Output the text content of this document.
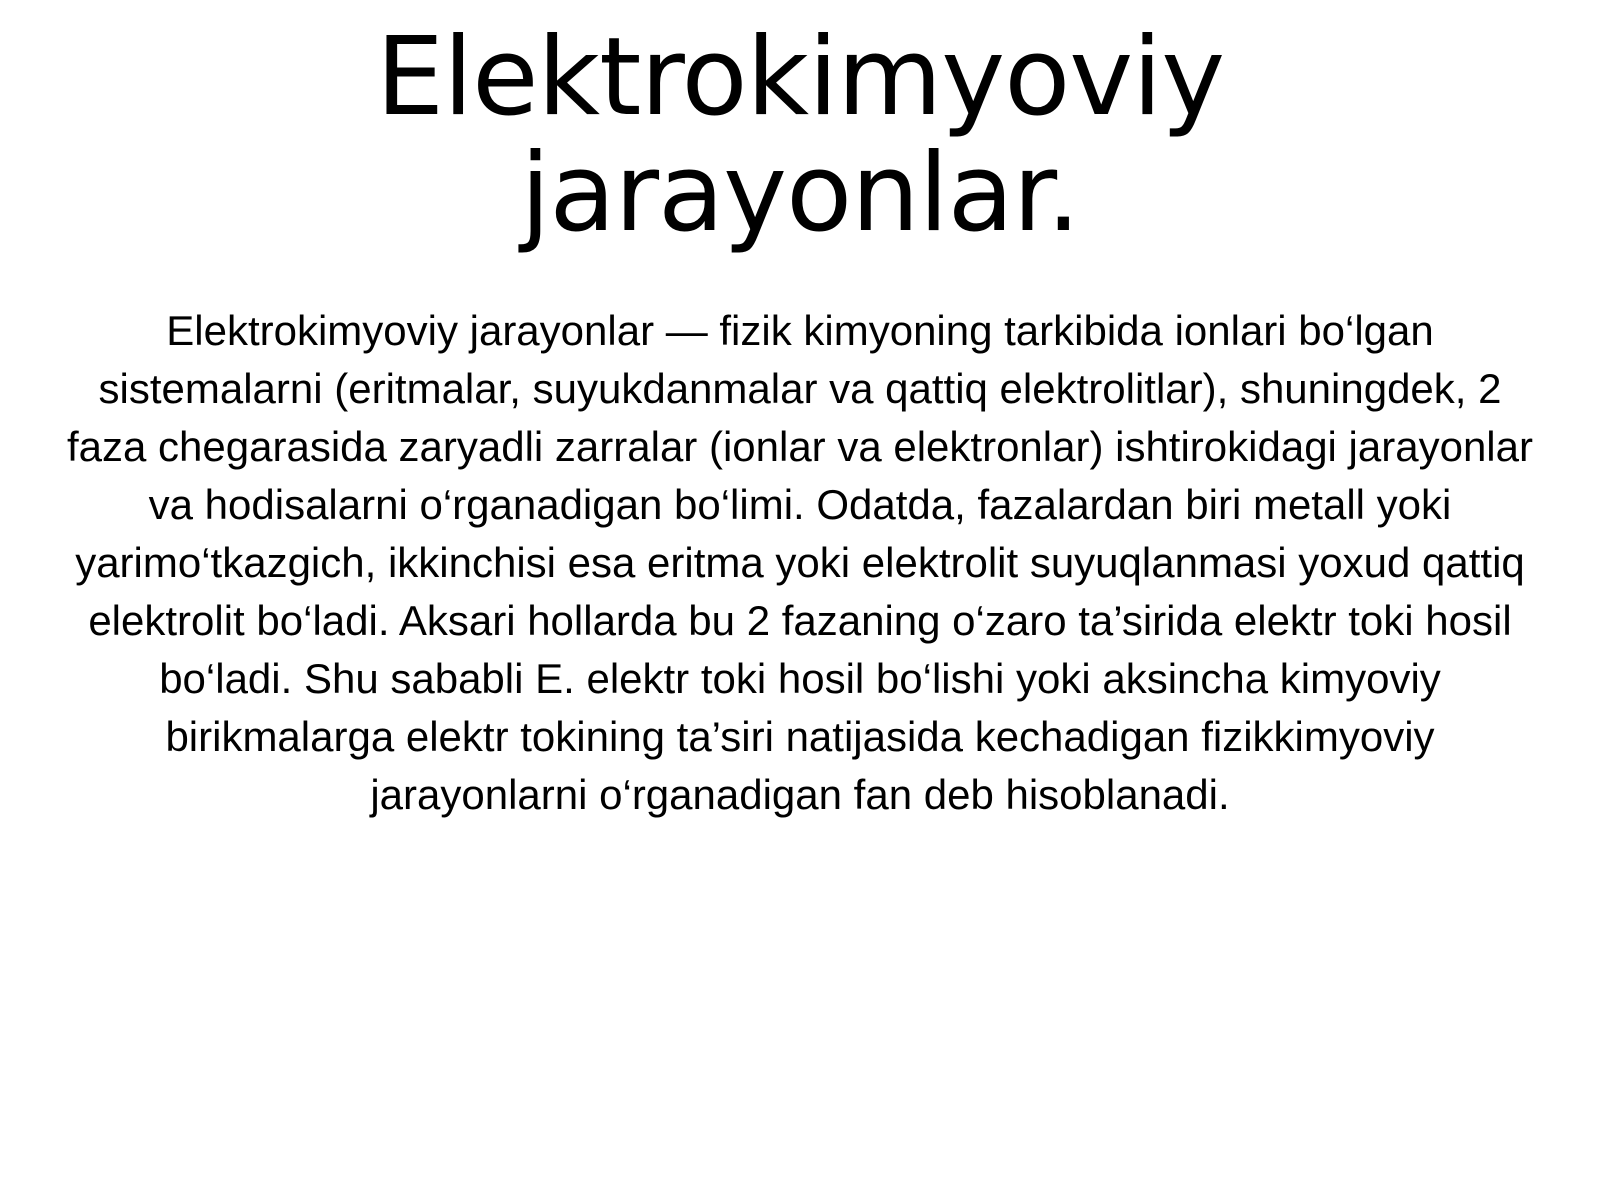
Elektrokimyoviy jarayonlar.

Elektrokimyoviy jarayonlar — fizik kimyoning tarkibida ionlari bo‘lgan sistemalarni (eritmalar, suyukdanmalar va qattiq elektrolitlar), shuningdek, 2 faza chegarasida zaryadli zarralar (ionlar va elektronlar) ishtirokidagi jarayonlar va hodisalarni o‘rganadigan bo‘limi. Odatda, fazalardan biri metall yoki yarimo‘tkazgich, ikkinchisi esa eritma yoki elektrolit suyuqlanmasi yoxud qattiq elektrolit bo‘ladi. Aksari hollarda bu 2 fazaning o‘zaro ta’sirida elektr toki hosil bo‘ladi. Shu sababli E. elektr toki hosil bo‘lishi yoki aksincha kimyoviy birikmalarga elektr tokining ta’siri natijasida kechadigan fizikkimyoviy jarayonlarni o‘rganadigan fan deb hisoblanadi.
